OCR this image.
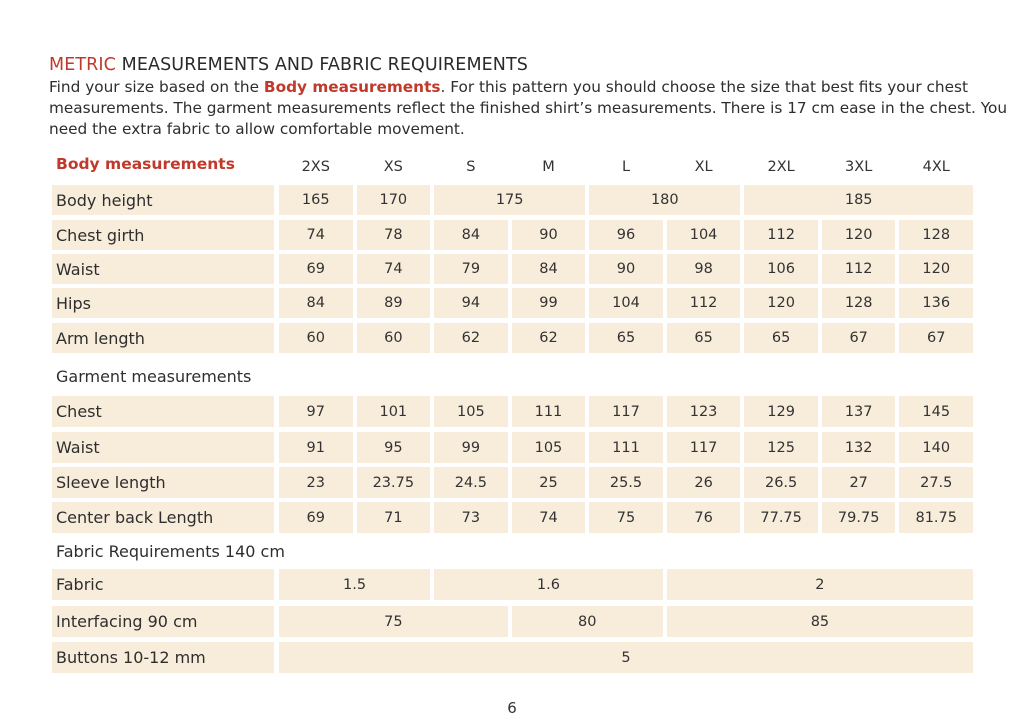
METRIC MEASUREMENTS AND FABRIC REQUIREMENTS
Find your size based on the Body measurements. For this pattern you should choose the size that best fits your chest measurements. The garment measurements reflect the finished shirt’s measurements. There is 17 cm ease in the chest. You need the extra fabric to allow comfortable movement.
Body measurements	2XS	XS	S	M	L	XL	2XL	3XL	4XL
Body height	165	170	175	180	185
Chest girth	74	78	84	90	96	104	112	120	128
Waist	69	74	79	84	90	98	106	112	120
Hips	84	89	94	99	104	112	120	128	136
Arm length	60	60	62	62	65	65	65	67	67
Garment measurements
Chest	97	101	105	111	117	123	129	137	145
Waist	91	95	99	105	111	117	125	132	140
Sleeve length	23	23.75	24.5	25	25.5	26	26.5	27	27.5
Center back Length	69	71	73	74	75	76	77.75	79.75	81.75
Fabric Requirements 140 cm
Fabric	1.5	1.6	2
Interfacing 90 cm	75	80	85
Buttons 10-12 mm	5
6
